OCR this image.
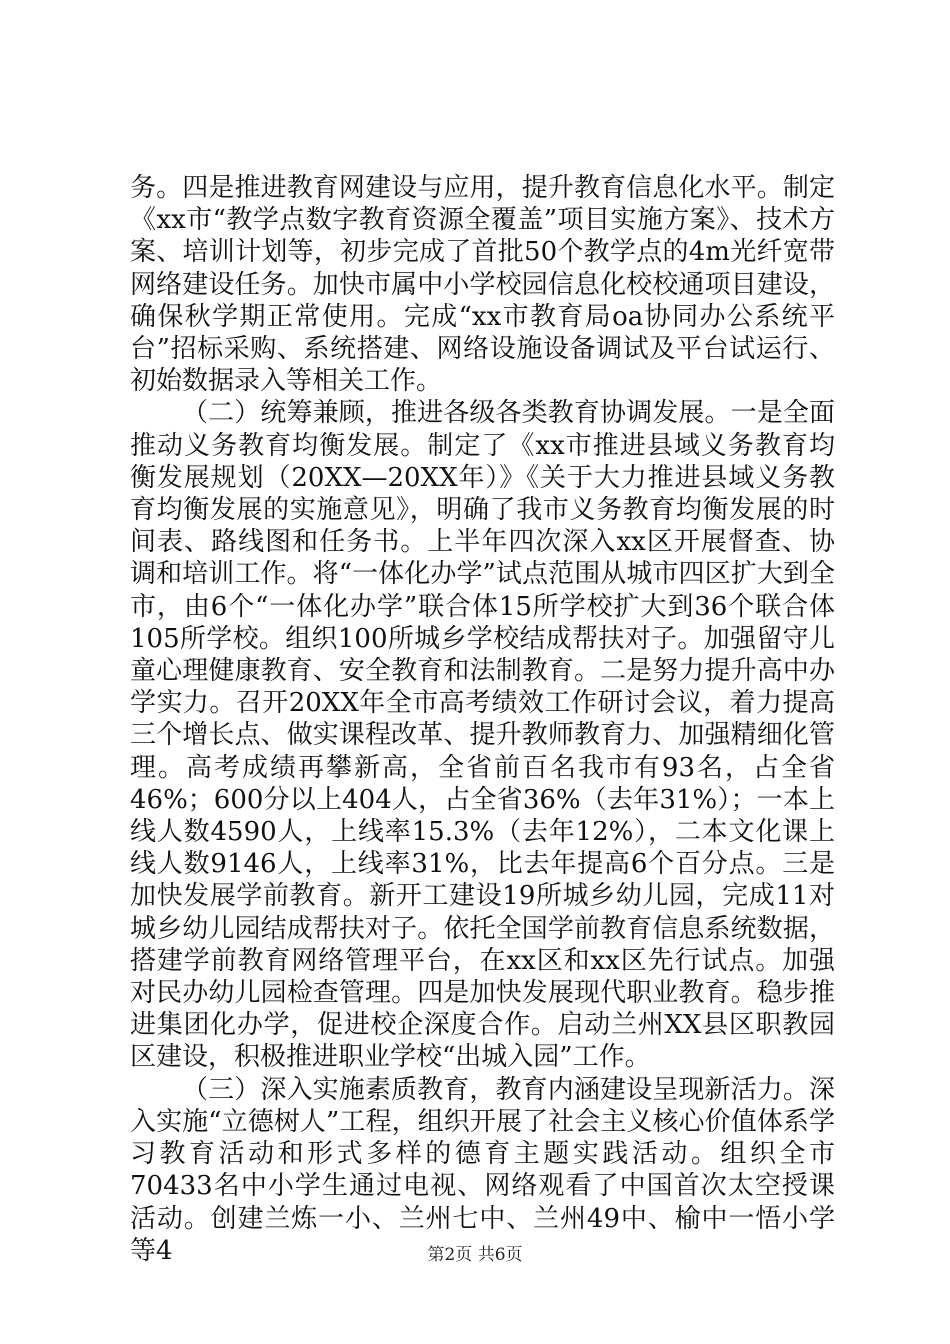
务。四是推进教育网建设与应用，提升教育信息化水平。制定《xx市“教学点数字教育资源全覆盖”项目实施方案》、技术方案、培训计划等，初步完成了首批50个教学点的4m光纤宽带网络建设任务。加快市属中小学校园信息化校校通项目建设，确保秋学期正常使用。完成“xx市教育局oa协同办公系统平台”招标采购、系统搭建、网络设施设备调试及平台试运行、初始数据录入等相关工作。

（二）统筹兼顾，推进各级各类教育协调发展。一是全面推动义务教育均衡发展。制定了《xx市推进县域义务教育均衡发展规划（20XX—20XX年）》《关于大力推进县域义务教育均衡发展的实施意见》，明确了我市义务教育均衡发展的时间表、路线图和任务书。上半年四次深入xx区开展督查、协调和培训工作。将“一体化办学”试点范围从城市四区扩大到全市，由6个“一体化办学”联合体15所学校扩大到36个联合体105所学校。组织100所城乡学校结成帮扶对子。加强留守儿童心理健康教育、安全教育和法制教育。二是努力提升高中办学实力。召开20XX年全市高考绩效工作研讨会议，着力提高三个增长点、做实课程改革、提升教师教育力、加强精细化管理。高考成绩再攀新高，全省前百名我市有93名，占全省46%；600分以上404人，占全省36%（去年31%）；一本上线人数4590人，上线率15.3%（去年12%），二本文化课上线人数9146人，上线率31%，比去年提高6个百分点。三是加快发展学前教育。新开工建设19所城乡幼儿园，完成11对城乡幼儿园结成帮扶对子。依托全国学前教育信息系统数据，搭建学前教育网络管理平台，在xx区和xx区先行试点。加强对民办幼儿园检查管理。四是加快发展现代职业教育。稳步推进集团化办学，促进校企深度合作。启动兰州XX县区职教园区建设，积极推进职业学校“出城入园”工作。

（三）深入实施素质教育，教育内涵建设呈现新活力。深入实施“立德树人”工程，组织开展了社会主义核心价值体系学习教育活动和形式多样的德育主题实践活动。组织全市70433名中小学生通过电视、网络观看了中国首次太空授课活动。创建兰炼一小、兰州七中、兰州49中、榆中一悟小学等4	第2页 共6页
